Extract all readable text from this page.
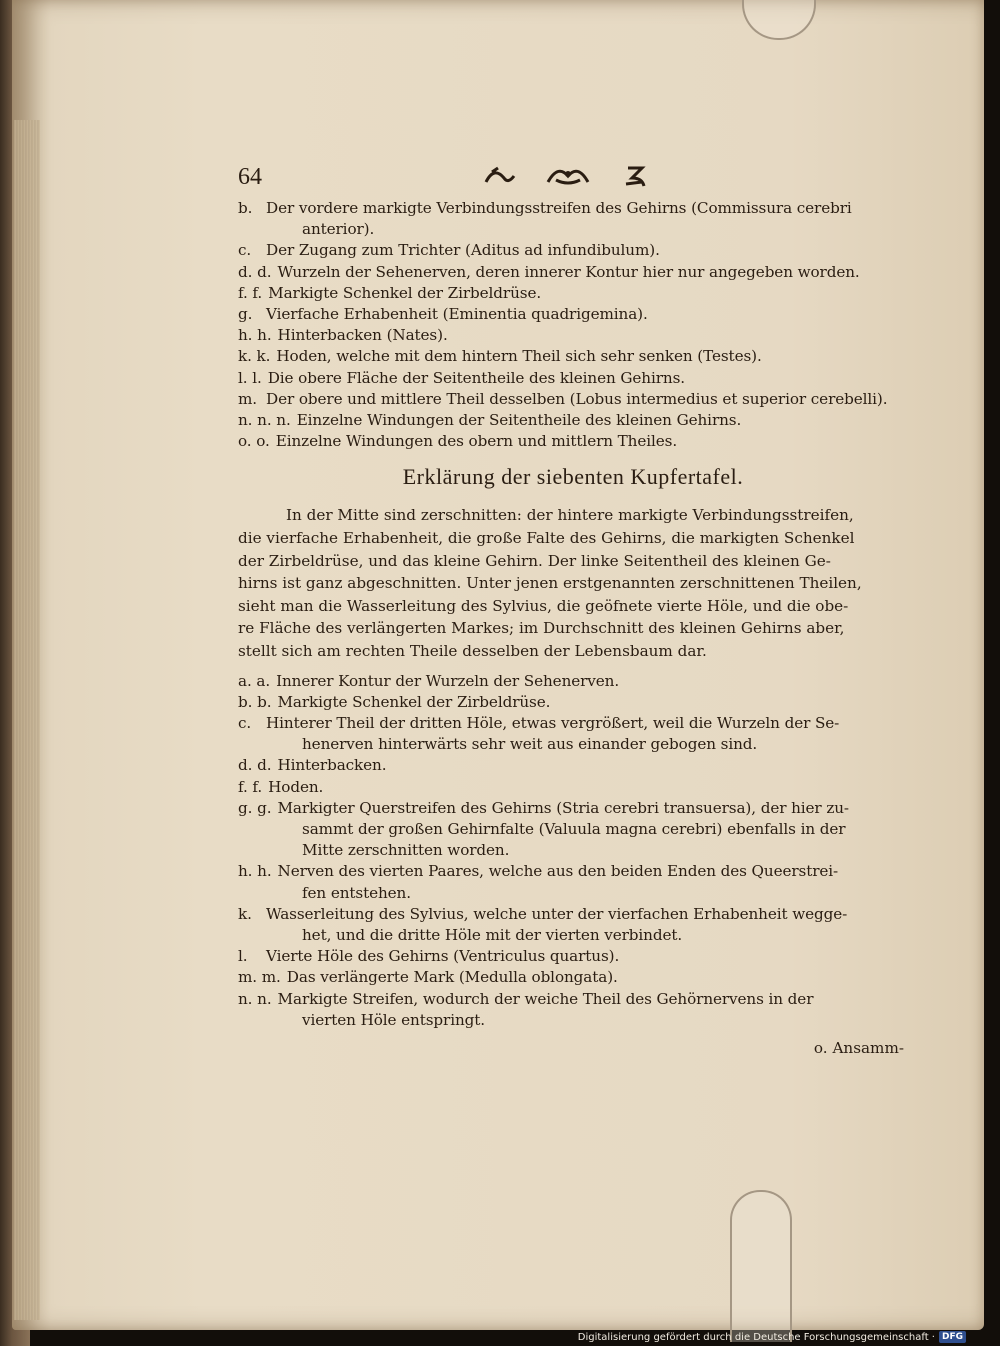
64
b. Der vordere markigte Verbindungsstreifen des Gehirns (Commissura cerebri
anterior).
c. Der Zugang zum Trichter (Aditus ad infundibulum).
d. d. Wurzeln der Sehenerven, deren innerer Kontur hier nur angegeben worden.
f. f. Markigte Schenkel der Zirbeldrüse.
g. Vierfache Erhabenheit (Eminentia quadrigemina).
h. h. Hinterbacken (Nates).
k. k. Hoden, welche mit dem hintern Theil sich sehr senken (Testes).
l. l. Die obere Fläche der Seitentheile des kleinen Gehirns.
m. Der obere und mittlere Theil desselben (Lobus intermedius et superior cerebelli).
n. n. n. Einzelne Windungen der Seitentheile des kleinen Gehirns.
o. o. Einzelne Windungen des obern und mittlern Theiles.
Erklärung der siebenten Kupfertafel.
In der Mitte sind zerschnitten: der hintere markigte Verbindungsstreifen,
die vierfache Erhabenheit, die große Falte des Gehirns, die markigten Schenkel
der Zirbeldrüse, und das kleine Gehirn. Der linke Seitentheil des kleinen Ge-
hirns ist ganz abgeschnitten. Unter jenen erstgenannten zerschnittenen Theilen,
sieht man die Wasserleitung des Sylvius, die geöfnete vierte Höle, und die obe-
re Fläche des verlängerten Markes; im Durchschnitt des kleinen Gehirns aber,
stellt sich am rechten Theile desselben der Lebensbaum dar.
a. a. Innerer Kontur der Wurzeln der Sehenerven.
b. b. Markigte Schenkel der Zirbeldrüse.
c. Hinterer Theil der dritten Höle, etwas vergrößert, weil die Wurzeln der Se-
henerven hinterwärts sehr weit aus einander gebogen sind.
d. d. Hinterbacken.
f. f. Hoden.
g. g. Markigter Querstreifen des Gehirns (Stria cerebri transuersa), der hier zu-
sammt der großen Gehirnfalte (Valuula magna cerebri) ebenfalls in der
Mitte zerschnitten worden.
h. h. Nerven des vierten Paares, welche aus den beiden Enden des Queerstrei-
fen entstehen.
k. Wasserleitung des Sylvius, welche unter der vierfachen Erhabenheit wegge-
het, und die dritte Höle mit der vierten verbindet.
l. Vierte Höle des Gehirns (Ventriculus quartus).
m. m. Das verlängerte Mark (Medulla oblongata).
n. n. Markigte Streifen, wodurch der weiche Theil des Gehörnervens in der
vierten Höle entspringt.
o. Ansamm-
Digitalisierung gefördert durch die Deutsche Forschungsgemeinschaft · DFG
